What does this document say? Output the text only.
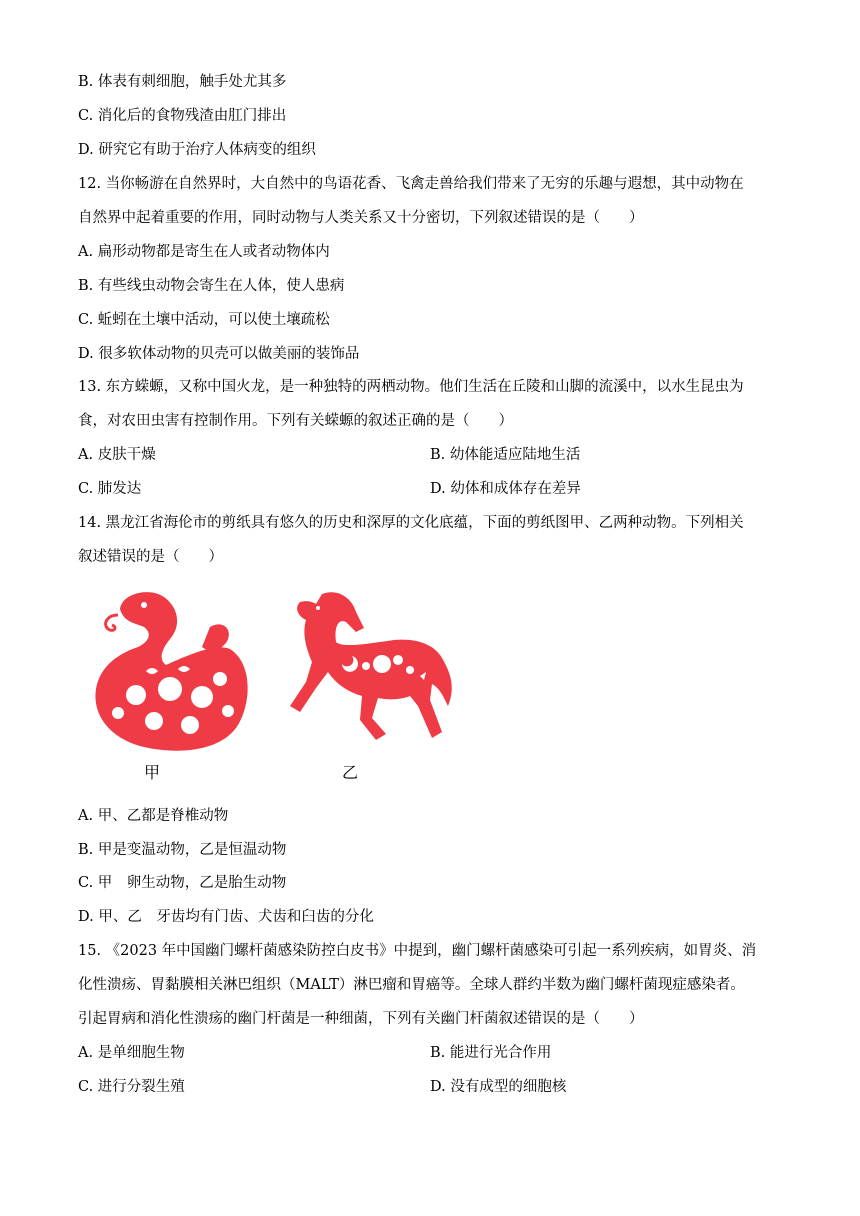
B. 体表有刺细胞，触手处尤其多
C. 消化后的食物残渣由肛门排出
D. 研究它有助于治疗人体病变的组织
12. 当你畅游在自然界时，大自然中的鸟语花香、飞禽走兽给我们带来了无穷的乐趣与遐想，其中动物在
自然界中起着重要的作用，同时动物与人类关系又十分密切，下列叙述错误的是（　　）
A. 扁形动物都是寄生在人或者动物体内
B. 有些线虫动物会寄生在人体，使人患病
C. 蚯蚓在土壤中活动，可以使土壤疏松
D. 很多软体动物的贝壳可以做美丽的装饰品
13. 东方蝾螈，又称中国火龙，是一种独特的两栖动物。他们生活在丘陵和山脚的流溪中，以水生昆虫为
食，对农田虫害有控制作用。下列有关蝾螈的叙述正确的是（　　）
A. 皮肤干燥	B. 幼体能适应陆地生活
C. 肺发达	D. 幼体和成体存在差异
14. 黑龙江省海伦市的剪纸具有悠久的历史和深厚的文化底蕴，下面的剪纸图甲、乙两种动物。下列相关
叙述错误的是（　　）
甲	乙
A. 甲、乙都是脊椎动物
B. 甲是变温动物，乙是恒温动物
C. 甲　卵生动物，乙是胎生动物
D. 甲、乙　牙齿均有门齿、犬齿和臼齿的分化
15. 《2023 年中国幽门螺杆菌感染防控白皮书》中提到，幽门螺杆菌感染可引起一系列疾病，如胃炎、消
化性溃疡、胃黏膜相关淋巴组织（MALT）淋巴瘤和胃癌等。全球人群约半数为幽门螺杆菌现症感染者。
引起胃病和消化性溃疡的幽门杆菌是一种细菌，下列有关幽门杆菌叙述错误的是（　　）
A. 是单细胞生物	B. 能进行光合作用
C. 进行分裂生殖	D. 没有成型的细胞核
